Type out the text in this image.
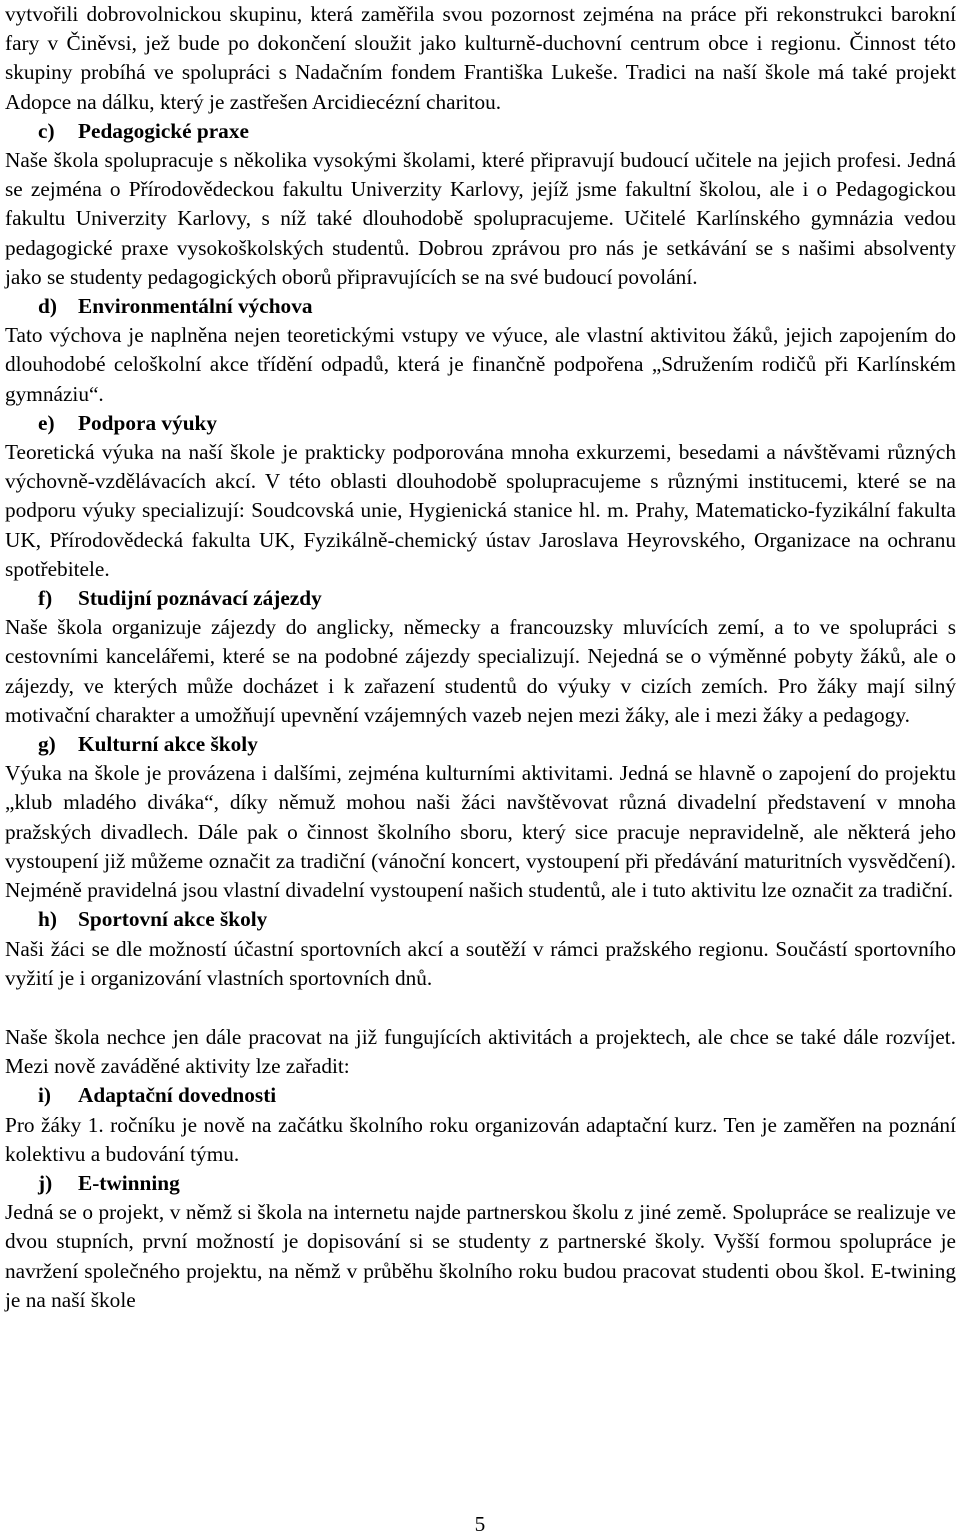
vytvořili dobrovolnickou skupinu, která zaměřila svou pozornost zejména na práce při rekonstrukci barokní fary v Činěvsi, jež bude po dokončení sloužit jako kulturně-duchovní centrum obce i regionu. Činnost této skupiny probíhá ve spolupráci s Nadačním fondem Františka Lukeše. Tradici na naší škole má také projekt Adopce na dálku, který je zastřešen Arcidiecézní charitou.

c) Pedagogické praxe

Naše škola spolupracuje s několika vysokými školami, které připravují budoucí učitele na jejich profesi. Jedná se zejména o Přírodovědeckou fakultu Univerzity Karlovy, jejíž jsme fakultní školou, ale i o Pedagogickou fakultu Univerzity Karlovy, s níž také dlouhodobě spolupracujeme. Učitelé Karlínského gymnázia vedou pedagogické praxe vysokoškolských studentů. Dobrou zprávou pro nás je setkávání se s našimi absolventy jako se studenty pedagogických oborů připravujících se na své budoucí povolání.

d) Environmentální výchova

Tato výchova je naplněna nejen teoretickými vstupy ve výuce, ale vlastní aktivitou žáků, jejich zapojením do dlouhodobé celoškolní akce třídění odpadů, která je finančně podpořena „Sdružením rodičů při Karlínském gymnáziu“.

e) Podpora výuky

Teoretická výuka na naší škole je prakticky podporována mnoha exkurzemi, besedami a návštěvami různých výchovně-vzdělávacích akcí. V této oblasti dlouhodobě spolupracujeme s různými institucemi, které se na podporu výuky specializují: Soudcovská unie, Hygienická stanice hl. m. Prahy, Matematicko-fyzikální fakulta UK, Přírodovědecká fakulta UK, Fyzikálně-chemický ústav Jaroslava Heyrovského, Organizace na ochranu spotřebitele.

f) Studijní poznávací zájezdy

Naše škola organizuje zájezdy do anglicky, německy a francouzsky mluvících zemí, a to ve spolupráci s cestovními kancelářemi, které se na podobné zájezdy specializují. Nejedná se o výměnné pobyty žáků, ale o zájezdy, ve kterých může docházet i k zařazení studentů do výuky v cizích zemích. Pro žáky mají silný motivační charakter a umožňují upevnění vzájemných vazeb nejen mezi žáky, ale i mezi žáky a pedagogy.

g) Kulturní akce školy

Výuka na škole je provázena i dalšími, zejména kulturními aktivitami. Jedná se hlavně o zapojení do projektu „klub mladého diváka“, díky němuž mohou naši žáci navštěvovat různá divadelní představení v mnoha pražských divadlech. Dále pak o činnost školního sboru, který sice pracuje nepravidelně, ale některá jeho vystoupení již můžeme označit za tradiční (vánoční koncert, vystoupení při předávání maturitních vysvědčení). Nejméně pravidelná jsou vlastní divadelní vystoupení našich studentů, ale i tuto aktivitu lze označit za tradiční.

h) Sportovní akce školy

Naši žáci se dle možností účastní sportovních akcí a soutěží v rámci pražského regionu. Součástí sportovního vyžití je i organizování vlastních sportovních dnů.

Naše škola nechce jen dále pracovat na již fungujících aktivitách a projektech, ale chce se také dále rozvíjet. Mezi nově zaváděné aktivity lze zařadit:

i) Adaptační dovednosti

Pro žáky 1. ročníku je nově na začátku školního roku organizován adaptační kurz. Ten je zaměřen na poznání kolektivu a budování týmu.

j) E-twinning

Jedná se o projekt, v němž si škola na internetu najde partnerskou školu z jiné země. Spolupráce se realizuje ve dvou stupních, první možností je dopisování si se studenty z partnerské školy. Vyšší formou spolupráce je navržení společného projektu, na němž v průběhu školního roku budou pracovat studenti obou škol. E-twining je na naší škole

5
